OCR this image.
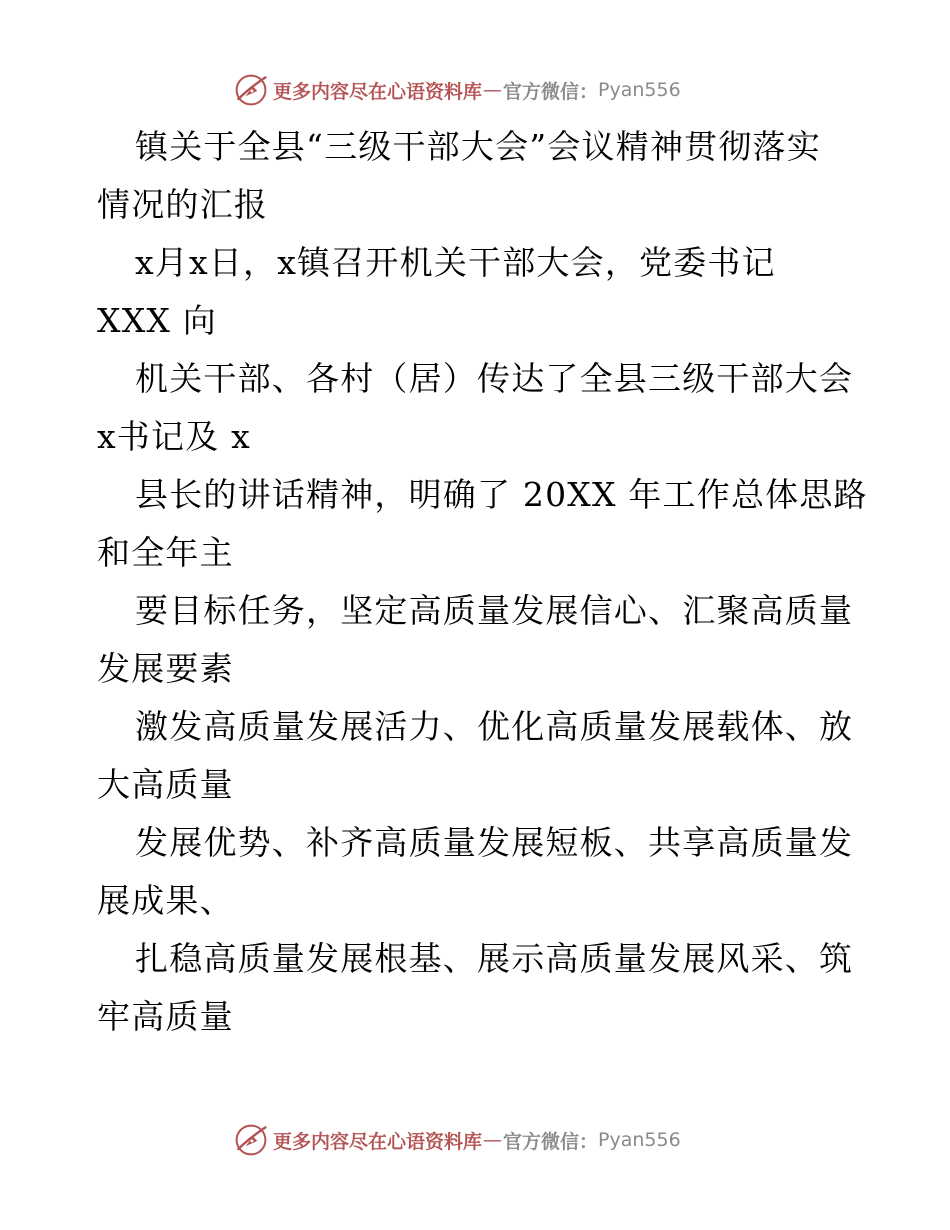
更多内容尽在心语资料库 — 官方微信： Pyan556
镇关于全县“三级干部大会”会议精神贯彻落实
情况的汇报
x月x日，x镇召开机关干部大会，党委书记
XXX 向
机关干部、各村（居）传达了全县三级干部大会
x书记及 x
县长的讲话精神，明确了 20XX 年工作总体思路
和全年主
要目标任务，坚定高质量发展信心、汇聚高质量
发展要素
激发高质量发展活力、优化高质量发展载体、放
大高质量
发展优势、补齐高质量发展短板、共享高质量发
展成果、
扎稳高质量发展根基、展示高质量发展风采、筑
牢高质量
更多内容尽在心语资料库 — 官方微信： Pyan556
